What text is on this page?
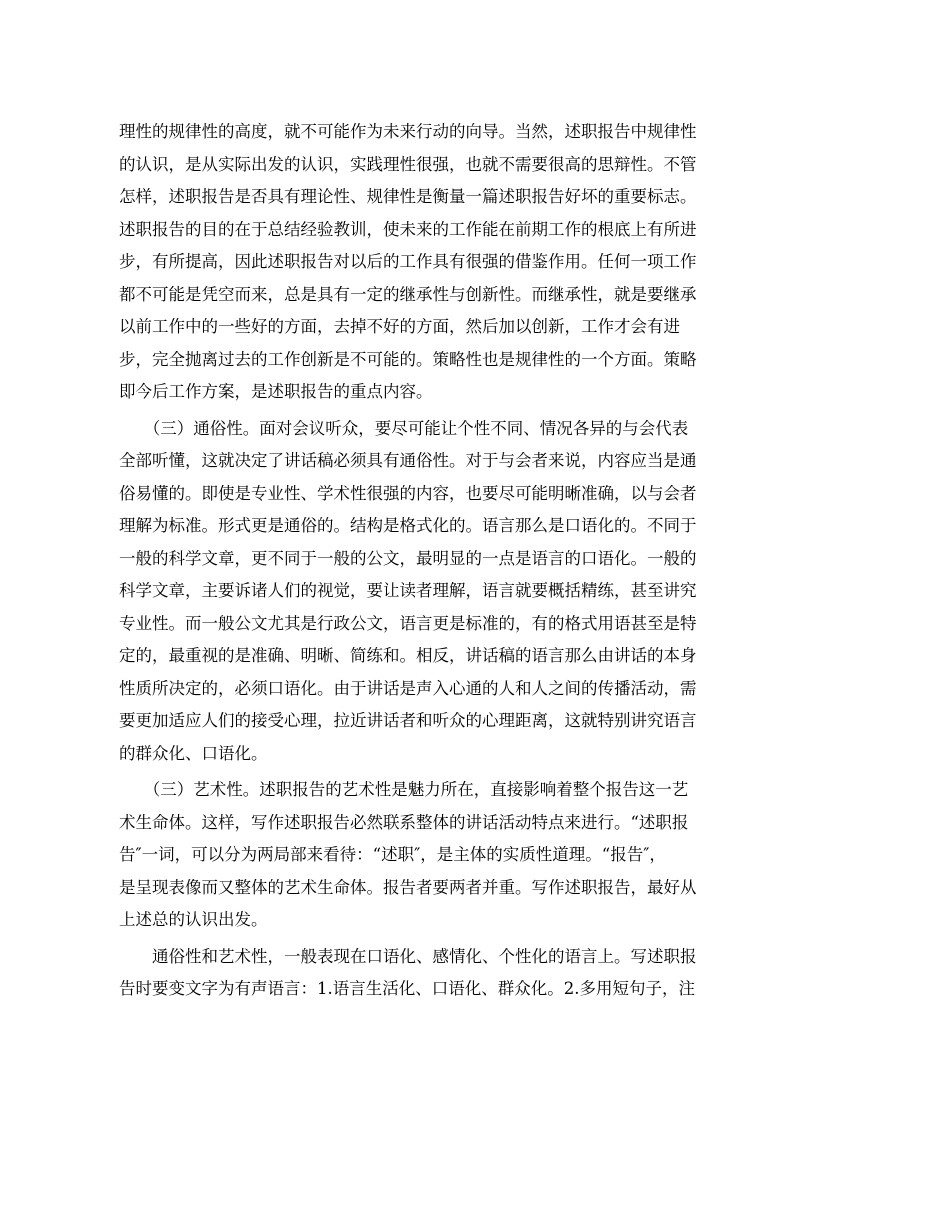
理性的规律性的高度，就不可能作为未来行动的向导。当然，述职报告中规律性
的认识，是从实际出发的认识，实践理性很强，也就不需要很高的思辩性。不管
怎样，述职报告是否具有理论性、规律性是衡量一篇述职报告好坏的重要标志。
述职报告的目的在于总结经验教训，使未来的工作能在前期工作的根底上有所进
步，有所提高，因此述职报告对以后的工作具有很强的借鉴作用。任何一项工作
都不可能是凭空而来，总是具有一定的继承性与创新性。而继承性，就是要继承
以前工作中的一些好的方面，去掉不好的方面，然后加以创新，工作才会有进
步，完全抛离过去的工作创新是不可能的。策略性也是规律性的一个方面。策略
即今后工作方案，是述职报告的重点内容。
　　（三）通俗性。面对会议听众，要尽可能让个性不同、情况各异的与会代表
全部听懂，这就决定了讲话稿必须具有通俗性。对于与会者来说，内容应当是通
俗易懂的。即使是专业性、学术性很强的内容，也要尽可能明晰准确，以与会者
理解为标准。形式更是通俗的。结构是格式化的。语言那么是口语化的。不同于
一般的科学文章，更不同于一般的公文，最明显的一点是语言的口语化。一般的
科学文章，主要诉诸人们的视觉，要让读者理解，语言就要概括精练，甚至讲究
专业性。而一般公文尤其是行政公文，语言更是标准的，有的格式用语甚至是特
定的，最重视的是准确、明晰、简练和。相反，讲话稿的语言那么由讲话的本身
性质所决定的，必须口语化。由于讲话是声入心通的人和人之间的传播活动，需
要更加适应人们的接受心理，拉近讲话者和听众的心理距离，这就特别讲究语言
的群众化、口语化。
　　（三）艺术性。述职报告的艺术性是魅力所在，直接影响着整个报告这一艺
术生命体。这样，写作述职报告必然联系整体的讲话活动特点来进行。“述职报
告″一词，可以分为两局部来看待：“述职″，是主体的实质性道理。“报告″，
是呈现表像而又整体的艺术生命体。报告者要两者并重。写作述职报告，最好从
上述总的认识出发。
　　通俗性和艺术性，一般表现在口语化、感情化、个性化的语言上。写述职报
告时要变文字为有声语言：1.语言生活化、口语化、群众化。2.多用短句子，注
